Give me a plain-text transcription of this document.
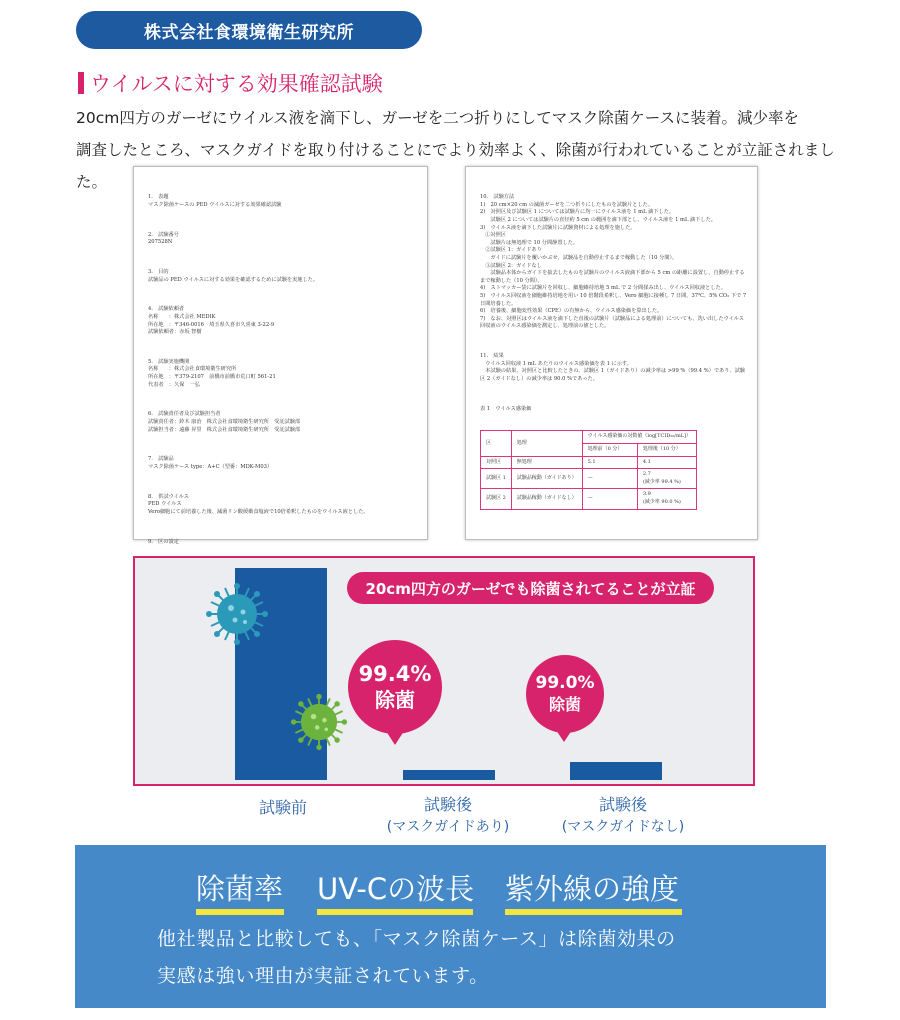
株式会社食環境衛生研究所
ウイルスに対する効果確認試験
20cm四方のガーゼにウイルス液を滴下し、ガーゼを二つ折りにしてマスク除菌ケースに装着。減少率を
調査したところ、マスクガイドを取り付けることにでより効率よく、除菌が行われていることが立証されました。

1.　表題
マスク除菌ケースの PED ウイルスに対する効果確認試験

2.　試験番号
207528N

3.　目的
試験品の PED ウイルスに対する効果を確認するために試験を実施した。

4.　試験依頼者
名称　　：株式会社 MEDIK
所在地　：〒346-0016　埼玉県久喜市久喜東 3-22-9
試験依頼者：赤坂 智樹

5.　試験実施機関
名称　　：株式会社食環境衛生研究所
所在地　：〒379-2107　前橋市前橋市荒口町 561-21
代表者　：久保　一弘

6.　試験責任者及び試験担当者
試験責任者：鈴木 康治　株式会社食環境衛生研究所　受託試験部
試験担当者：遠藤 昇里　株式会社食環境衛生研究所　受託試験部

7.　試験品
マスク除菌ケース type：A+C（型番：MDK-M03）

8.　供試ウイルス
PED ウイルス
Vero細胞にて前培養した後、滅菌リン酸緩衝食塩液で10倍希釈したものをウイルス液とした。

9.　区の設定

10.　試験方法
1)　20 cm×20 cm の滅菌ガーゼを二つ折りにしたものを試験片とした。
2)　対照区及び試験区 1 については試験片に均一にウイルス液を 1 mL 滴下した。
　　試験区 2 については試験片の直径約 5 cm の範囲を滴下部とし、ウイルス液を 1 mL 滴下した。
3)　ウイルス液を滴下した試験片に試験資材による処理を施した。
　①対照区
　　試験片は無処理で 10 分間静置した。
　②試験区 1：ガイドあり
　　ガイドに試験片を覆いかぶせ、試験品を自動停止するまで稼動した（10 分間）。
　③試験区 2：ガイドなし
　　試験品本体からガイドを抜去したものを試験片のウイルス液滴下部から 5 cm の距離に設置し、自動停止するまで稼動した（10 分間）。
4)　ストマッカー袋に試験片を回収し、細胞維持培地 5 mL で 2 分間揉み出し、ウイルス回収液とした。
5)　ウイルス回収液を細胞維持培地を用い 10 倍階段希釈し、Vero 細胞に接種し 7 日間、37℃、5% CO₂ 下で 7 日間培養した。
6)　培養後、細胞変性効果（CPE）の有無から、ウイルス感染価を算出した。
7)　なお、対照区はウイルス液を滴下した直後の試験片（試験品による処理前）についても、洗い出したウイルス回収液のウイルス感染価を測定し、処理前の値とした。

11.　結果
　ウイルス回収液 1 mL あたりのウイルス感染価を表 1 に示す。
　本試験の結果、対照区と比較したときの、試験区 1（ガイドあり）の減少率は >99 %（99.4 %）であり、試験区 2（ガイドなし）の減少率は 90.0 %であった。

表 1　ウイルス感染価

区	処理	ウイルス感染価の対数値（log[TCID₅₀/mL]）	
		処理前（0 分）	処理後（10 分）
対照区	無処理	5.1	4.1
試験区 1	試験品稼動（ガイドあり）	—	2.7
(減少率 99.4 %)
試験区 2	試験品稼動（ガイドなし）	—	3.9
(減少率 90.0 %)

20cm四方のガーゼでも除菌されてることが立証
99.4%
除菌
99.0%
除菌
試験前	試験後
(マスクガイドあり)
試験後
(マスクガイドなし)
除菌率 UV-Cの波長 紫外線の強度
他社製品と比較しても、「マスク除菌ケース」は除菌効果の
実感は強い理由が実証されています。
